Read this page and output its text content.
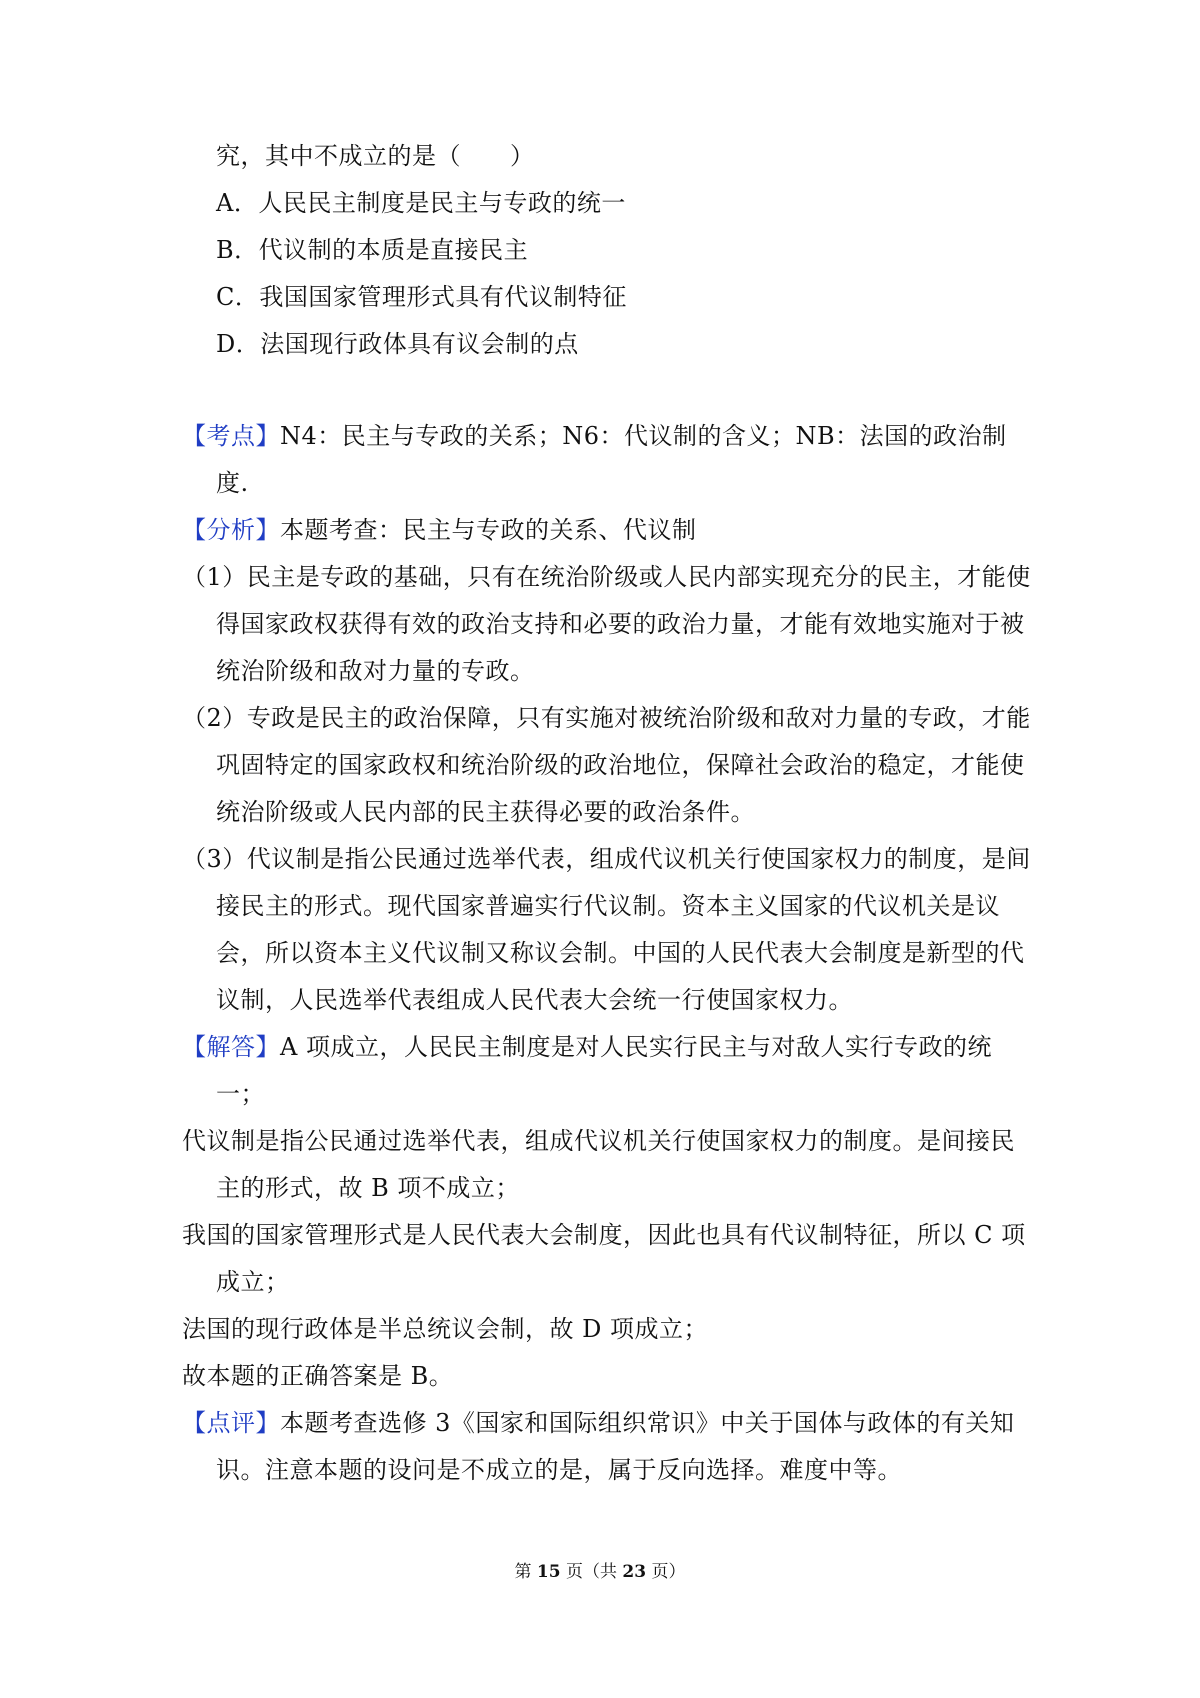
究，其中不成立的是（　　）
A．人民民主制度是民主与专政的统一
B．代议制的本质是直接民主
C．我国国家管理形式具有代议制特征
D．法国现行政体具有议会制的点
【考点】N4：民主与专政的关系；N6：代议制的含义；NB：法国的政治制
度.
【分析】本题考查：民主与专政的关系、代议制
（1）民主是专政的基础，只有在统治阶级或人民内部实现充分的民主，才能使
得国家政权获得有效的政治支持和必要的政治力量，才能有效地实施对于被
统治阶级和敌对力量的专政。
（2）专政是民主的政治保障，只有实施对被统治阶级和敌对力量的专政，才能
巩固特定的国家政权和统治阶级的政治地位，保障社会政治的稳定，才能使
统治阶级或人民内部的民主获得必要的政治条件。
（3）代议制是指公民通过选举代表，组成代议机关行使国家权力的制度，是间
接民主的形式。现代国家普遍实行代议制。资本主义国家的代议机关是议
会，所以资本主义代议制又称议会制。中国的人民代表大会制度是新型的代
议制，人民选举代表组成人民代表大会统一行使国家权力。
【解答】A 项成立，人民民主制度是对人民实行民主与对敌人实行专政的统
一；
代议制是指公民通过选举代表，组成代议机关行使国家权力的制度。是间接民
主的形式，故 B 项不成立；
我国的国家管理形式是人民代表大会制度，因此也具有代议制特征，所以 C 项
成立；
法国的现行政体是半总统议会制，故 D 项成立；
故本题的正确答案是 B。
【点评】本题考查选修 3《国家和国际组织常识》中关于国体与政体的有关知
识。注意本题的设问是不成立的是，属于反向选择。难度中等。
第 15 页（共 23 页）
